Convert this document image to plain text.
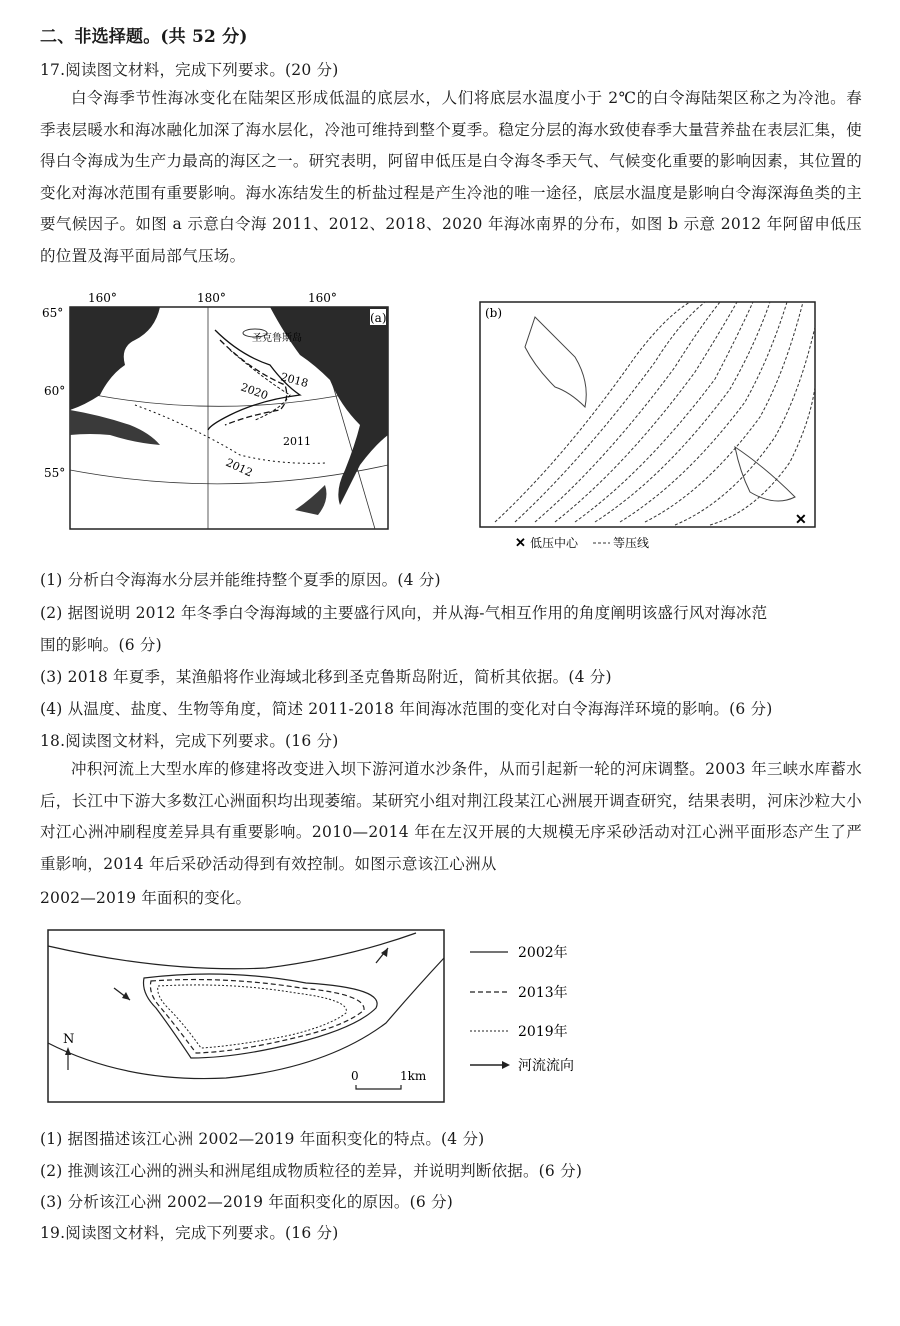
二、非选择题。(共 52 分)
17.阅读图文材料，完成下列要求。(20 分)
白令海季节性海冰变化在陆架区形成低温的底层水，人们将底层水温度小于 2℃的白令海陆架区称之为冷池。春季表层暖水和海冰融化加深了海水层化，冷池可维持到整个夏季。稳定分层的海水致使春季大量营养盐在表层汇集，使得白令海成为生产力最高的海区之一。研究表明，阿留申低压是白令海冬季天气、气候变化重要的影响因素，其位置的变化对海冰范围有重要影响。海水冻结发生的析盐过程是产生冷池的唯一途径，底层水温度是影响白令海深海鱼类的主要气候因子。如图 a 示意白令海 2011、2012、2018、2020 年海冰南界的分布，如图 b 示意 2012 年阿留申低压的位置及海平面局部气压场。
160°	180°	160°
65°
60°
55°
圣克鲁斯岛
2018
2020
2011
2012
(a)	(b)
✕
✕ 低压中心	等压线
(1) 分析白令海海水分层并能维持整个夏季的原因。(4 分)
(2) 据图说明 2012 年冬季白令海海域的主要盛行风向，并从海-气相互作用的角度阐明该盛行风对海冰范
围的影响。(6 分)
(3) 2018 年夏季，某渔船将作业海域北移到圣克鲁斯岛附近，简析其依据。(4 分)
(4) 从温度、盐度、生物等角度，简述 2011-2018 年间海冰范围的变化对白令海海洋环境的影响。(6 分)
18.阅读图文材料，完成下列要求。(16 分)
冲积河流上大型水库的修建将改变进入坝下游河道水沙条件，从而引起新一轮的河床调整。2003 年三峡水库蓄水后，长江中下游大多数江心洲面积均出现萎缩。某研究小组对荆江段某江心洲展开调查研究，结果表明，河床沙粒大小对江心洲冲刷程度差异具有重要影响。2010—2014 年在左汉开展的大规模无序采砂活动对江心洲平面形态产生了严重影响，2014 年后采砂活动得到有效控制。如图示意该江心洲从
2002—2019 年面积的变化。
N
0	1km
2002年
2013年
2019年
河流流向
(1) 据图描述该江心洲 2002—2019 年面积变化的特点。(4 分)
(2) 推测该江心洲的洲头和洲尾组成物质粒径的差异，并说明判断依据。(6 分)
(3) 分析该江心洲 2002—2019 年面积变化的原因。(6 分)
19.阅读图文材料，完成下列要求。(16 分)
